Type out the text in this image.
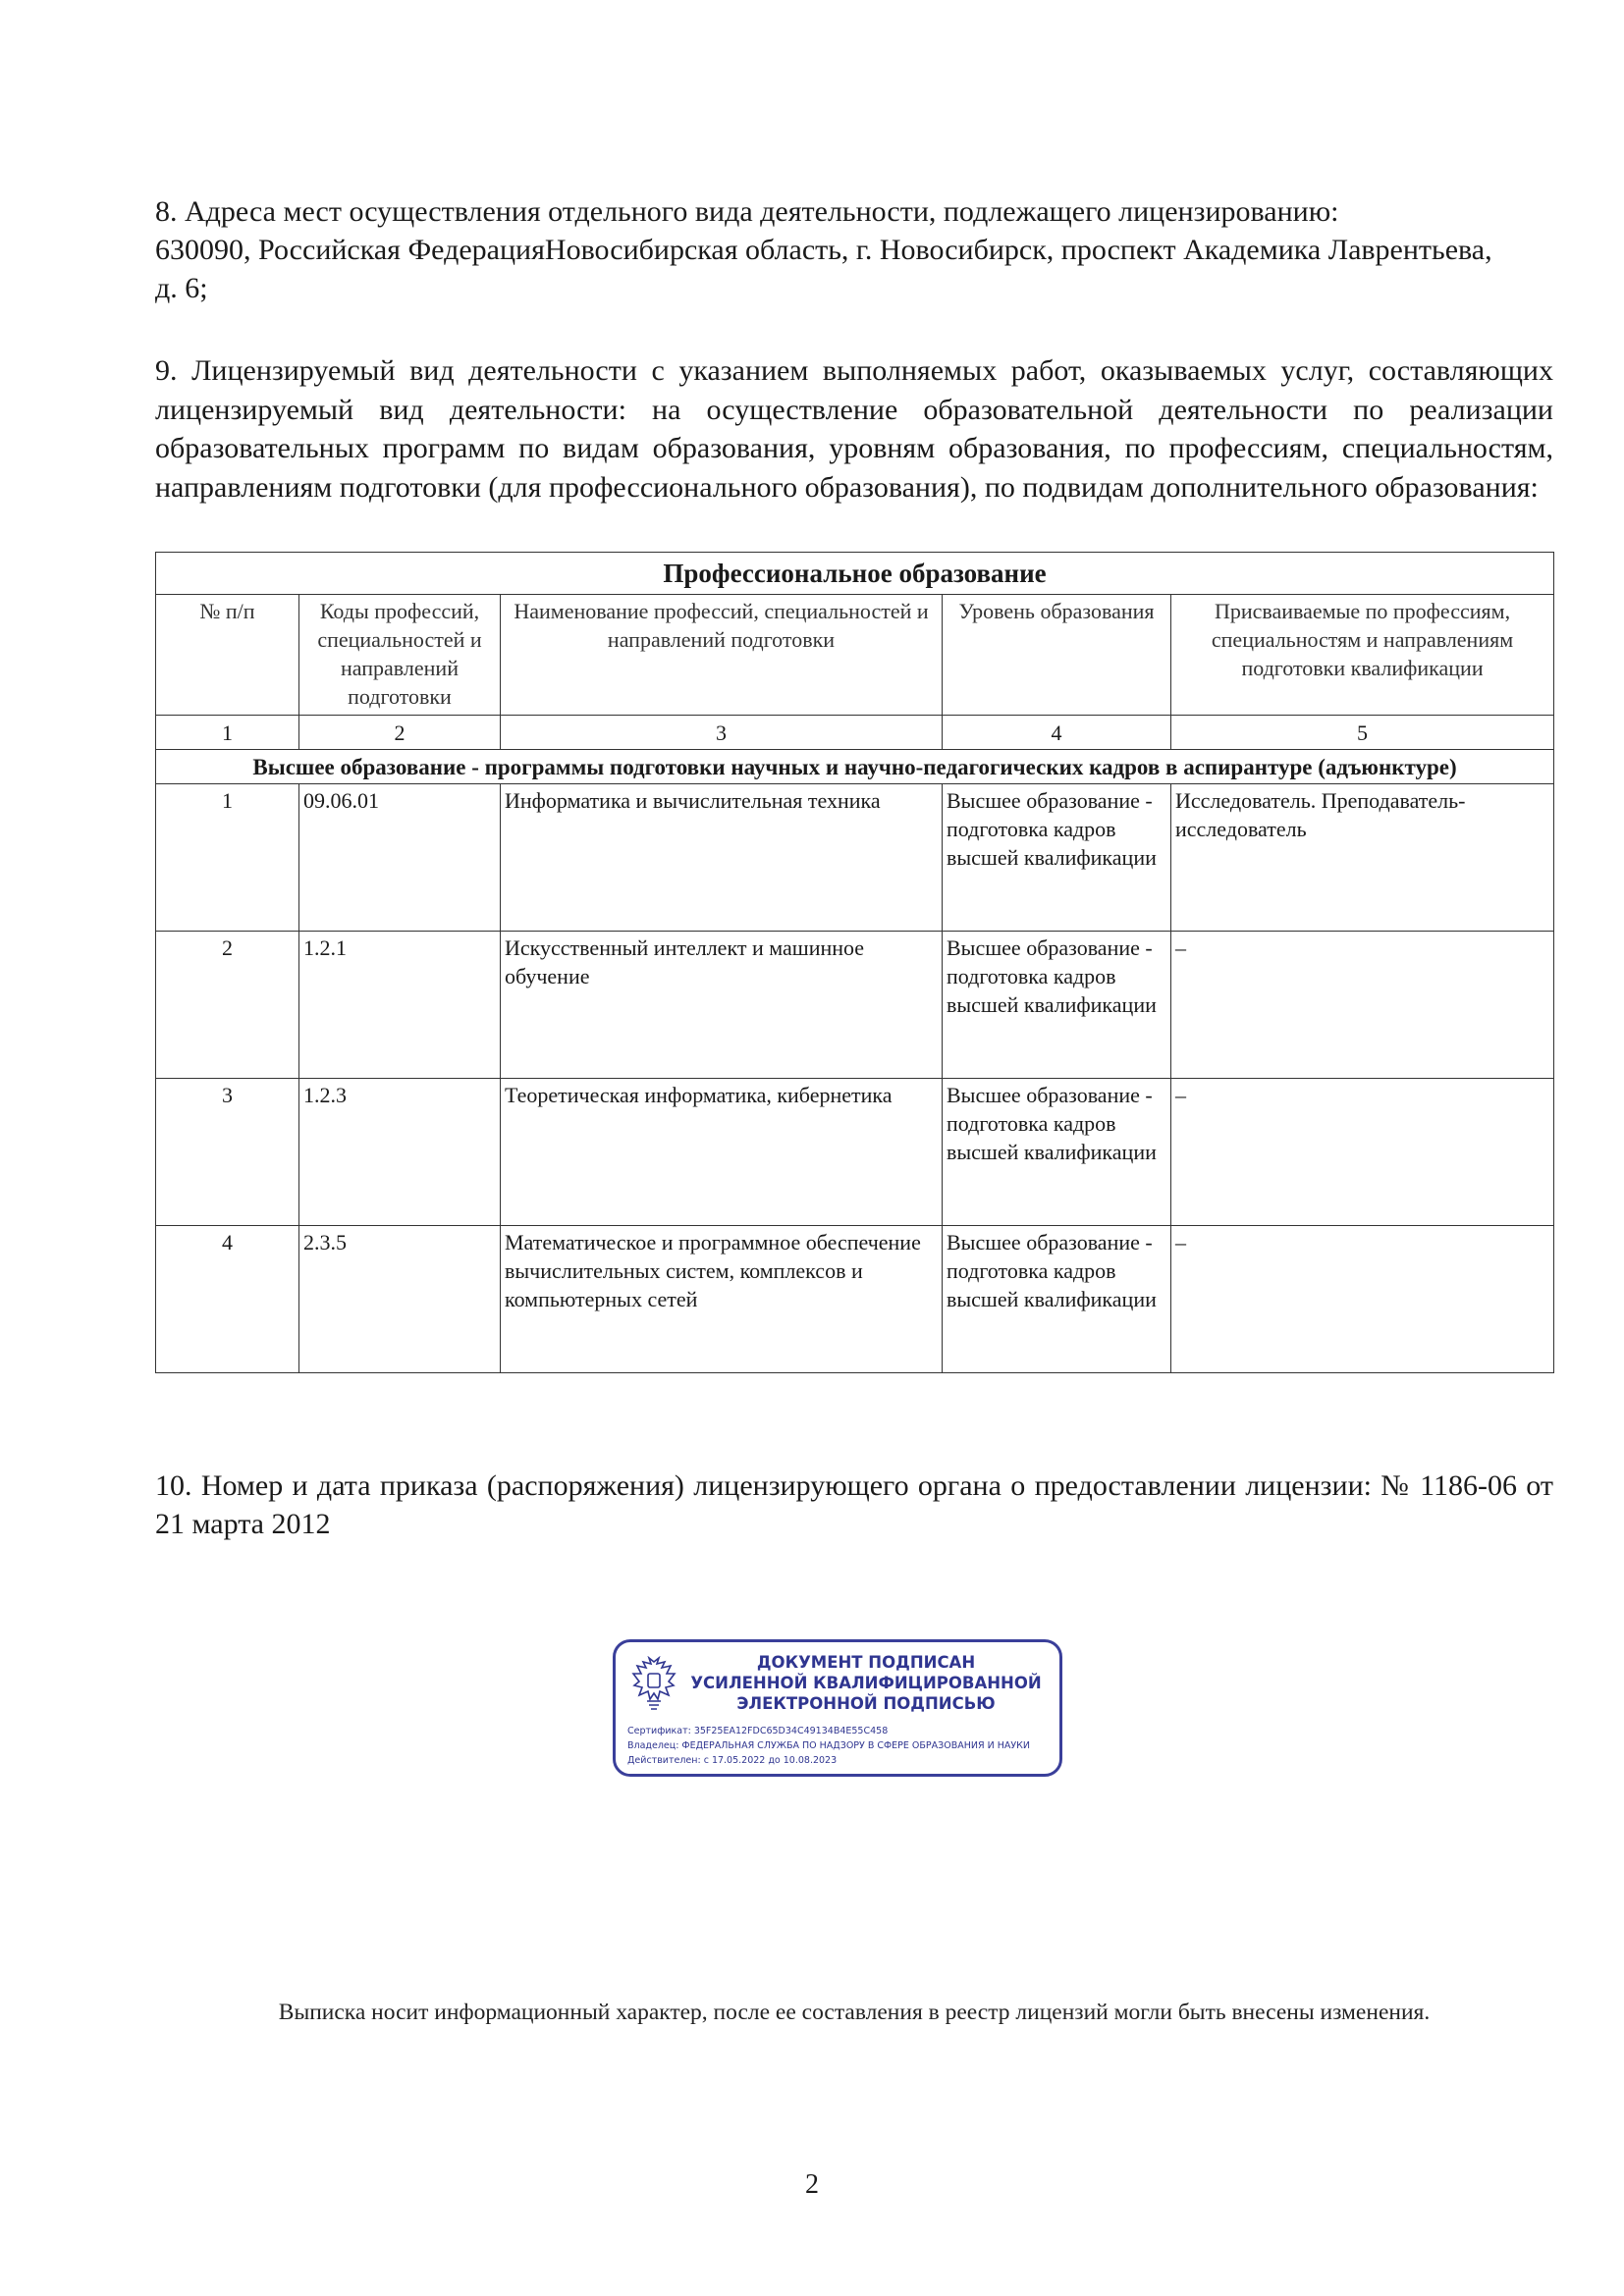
8. Адреса мест осуществления отдельного вида деятельности, подлежащего лицензированию:
630090, Российская ФедерацияНовосибирская область, г. Новосибирск, проспект Академика Лаврентьева,
д. 6;
9. Лицензируемый вид деятельности с указанием выполняемых работ, оказываемых услуг, составляющих лицензируемый вид деятельности: на осуществление образовательной деятельности по реализации образовательных программ по видам образования, уровням образования, по профессиям, специальностям, направлениям подготовки (для профессионального образования), по подвидам дополнительного образования:
Профессиональное образование				
№ п/п	Коды профессий, специальностей и направлений подготовки	Наименование профессий, специальностей и направлений подготовки	Уровень образования	Присваиваемые по профессиям, специальностям и направлениям подготовки квалификации
1	2	3	4	5
Высшее образование - программы подготовки научных и научно-педагогических кадров в аспирантуре (адъюнктуре)				
1	09.06.01	Информатика и вычислительная техника	Высшее образование - подготовка кадров высшей квалификации	Исследователь. Преподаватель-исследователь
2	1.2.1	Искусственный интеллект и машинное обучение	Высшее образование - подготовка кадров высшей квалификации	–
3	1.2.3	Теоретическая информатика, кибернетика	Высшее образование - подготовка кадров высшей квалификации	–
4	2.3.5	Математическое и программное обеспечение вычислительных систем, комплексов и компьютерных сетей	Высшее образование - подготовка кадров высшей квалификации	–
10. Номер и дата приказа (распоряжения) лицензирующего органа о предоставлении лицензии: № 1186-06 от 21 марта 2012
ДОКУМЕНТ ПОДПИСАН
УСИЛЕННОЙ КВАЛИФИЦИРОВАННОЙ
ЭЛЕКТРОННОЙ ПОДПИСЬЮ
Сертификат: 35F25EA12FDC65D34C49134B4E55C458
Владелец: ФЕДЕРАЛЬНАЯ СЛУЖБА ПО НАДЗОРУ В СФЕРЕ ОБРАЗОВАНИЯ И НАУКИ
Действителен: с 17.05.2022 до 10.08.2023
Выписка носит информационный характер, после ее составления в реестр лицензий могли быть внесены изменения.
2
